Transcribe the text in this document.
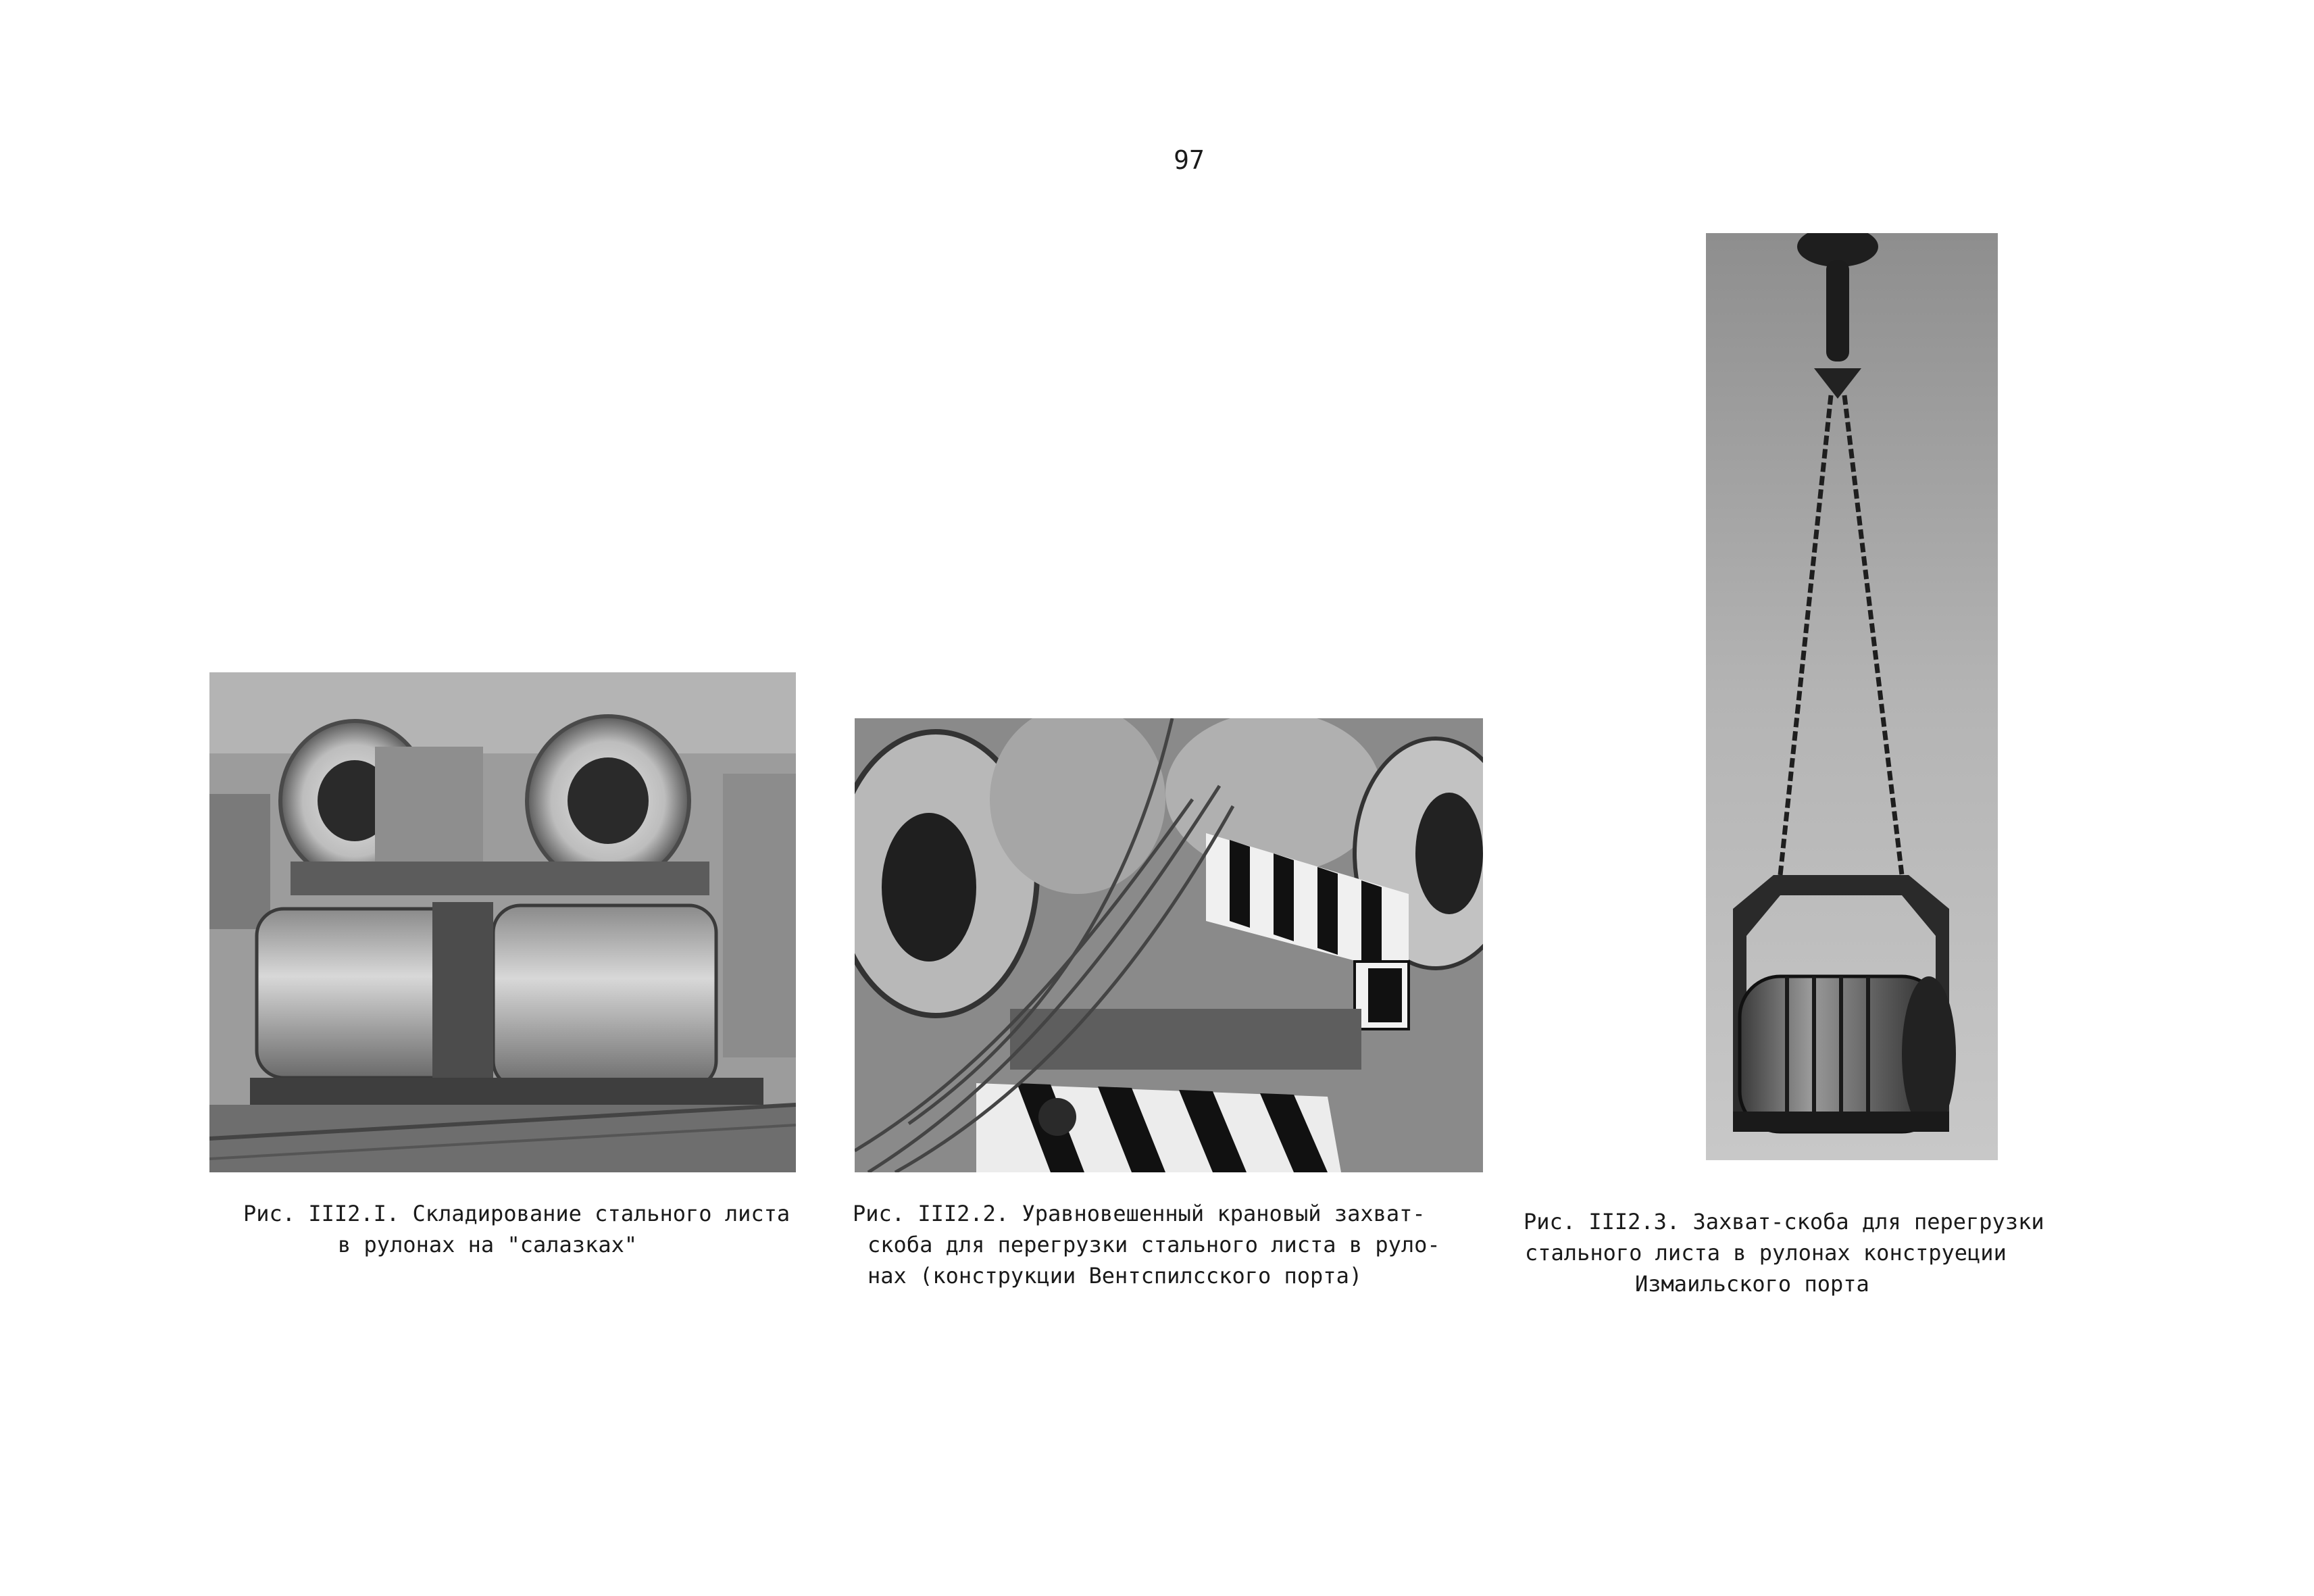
97
Рис. III2.I. Складирование стального листа
в рулонах на "салазках"
Рис. III2.2. Уравновешенный крановый захват-
скоба для перегрузки стального листа в руло-
нах (конструкции Вентспилсского порта)
Рис. III2.3. Захват-скоба для перегрузки
стального листа в рулонах конструеции
Измаильского порта
